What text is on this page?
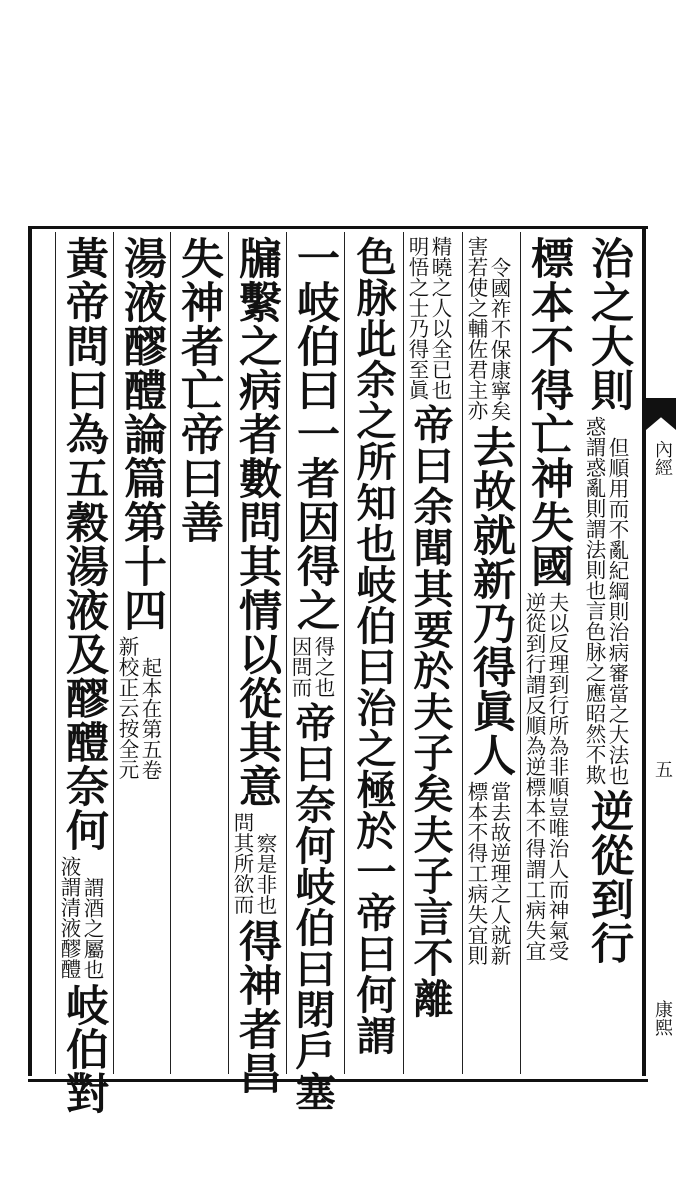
內經
五
康熙
治之大則惑謂惑亂則謂法則也言色脉之應昭然不欺但順用而不亂紀綱則治病審當之大法也逆從到行
標本不得亡神失國逆從到行謂反順為逆標本不得謂工病失宜夫以反理到行所為非順豈唯治人而神氣受
害若使之輔佐君主亦令國祚不保康寧矣去故就新乃得眞人標本不得工病失宜則當去故逆理之人就新
明悟之士乃得至眞精曉之人以全已也帝曰余聞其要於夫子矣夫子言不離
色脉此余之所知也岐伯曰治之極於一帝曰何謂
一岐伯曰一者因得之因問而得之也帝曰奈何岐伯曰閉戶塞
牖繫之病者數問其情以從其意問其所欲而察是非也得神者昌
失神者亡帝曰善
湯液醪醴論篇第十四新校正云按全元起本在第五卷
黃帝問曰為五穀湯液及醪醴奈何液謂清液醪醴謂酒之屬也岐伯對
